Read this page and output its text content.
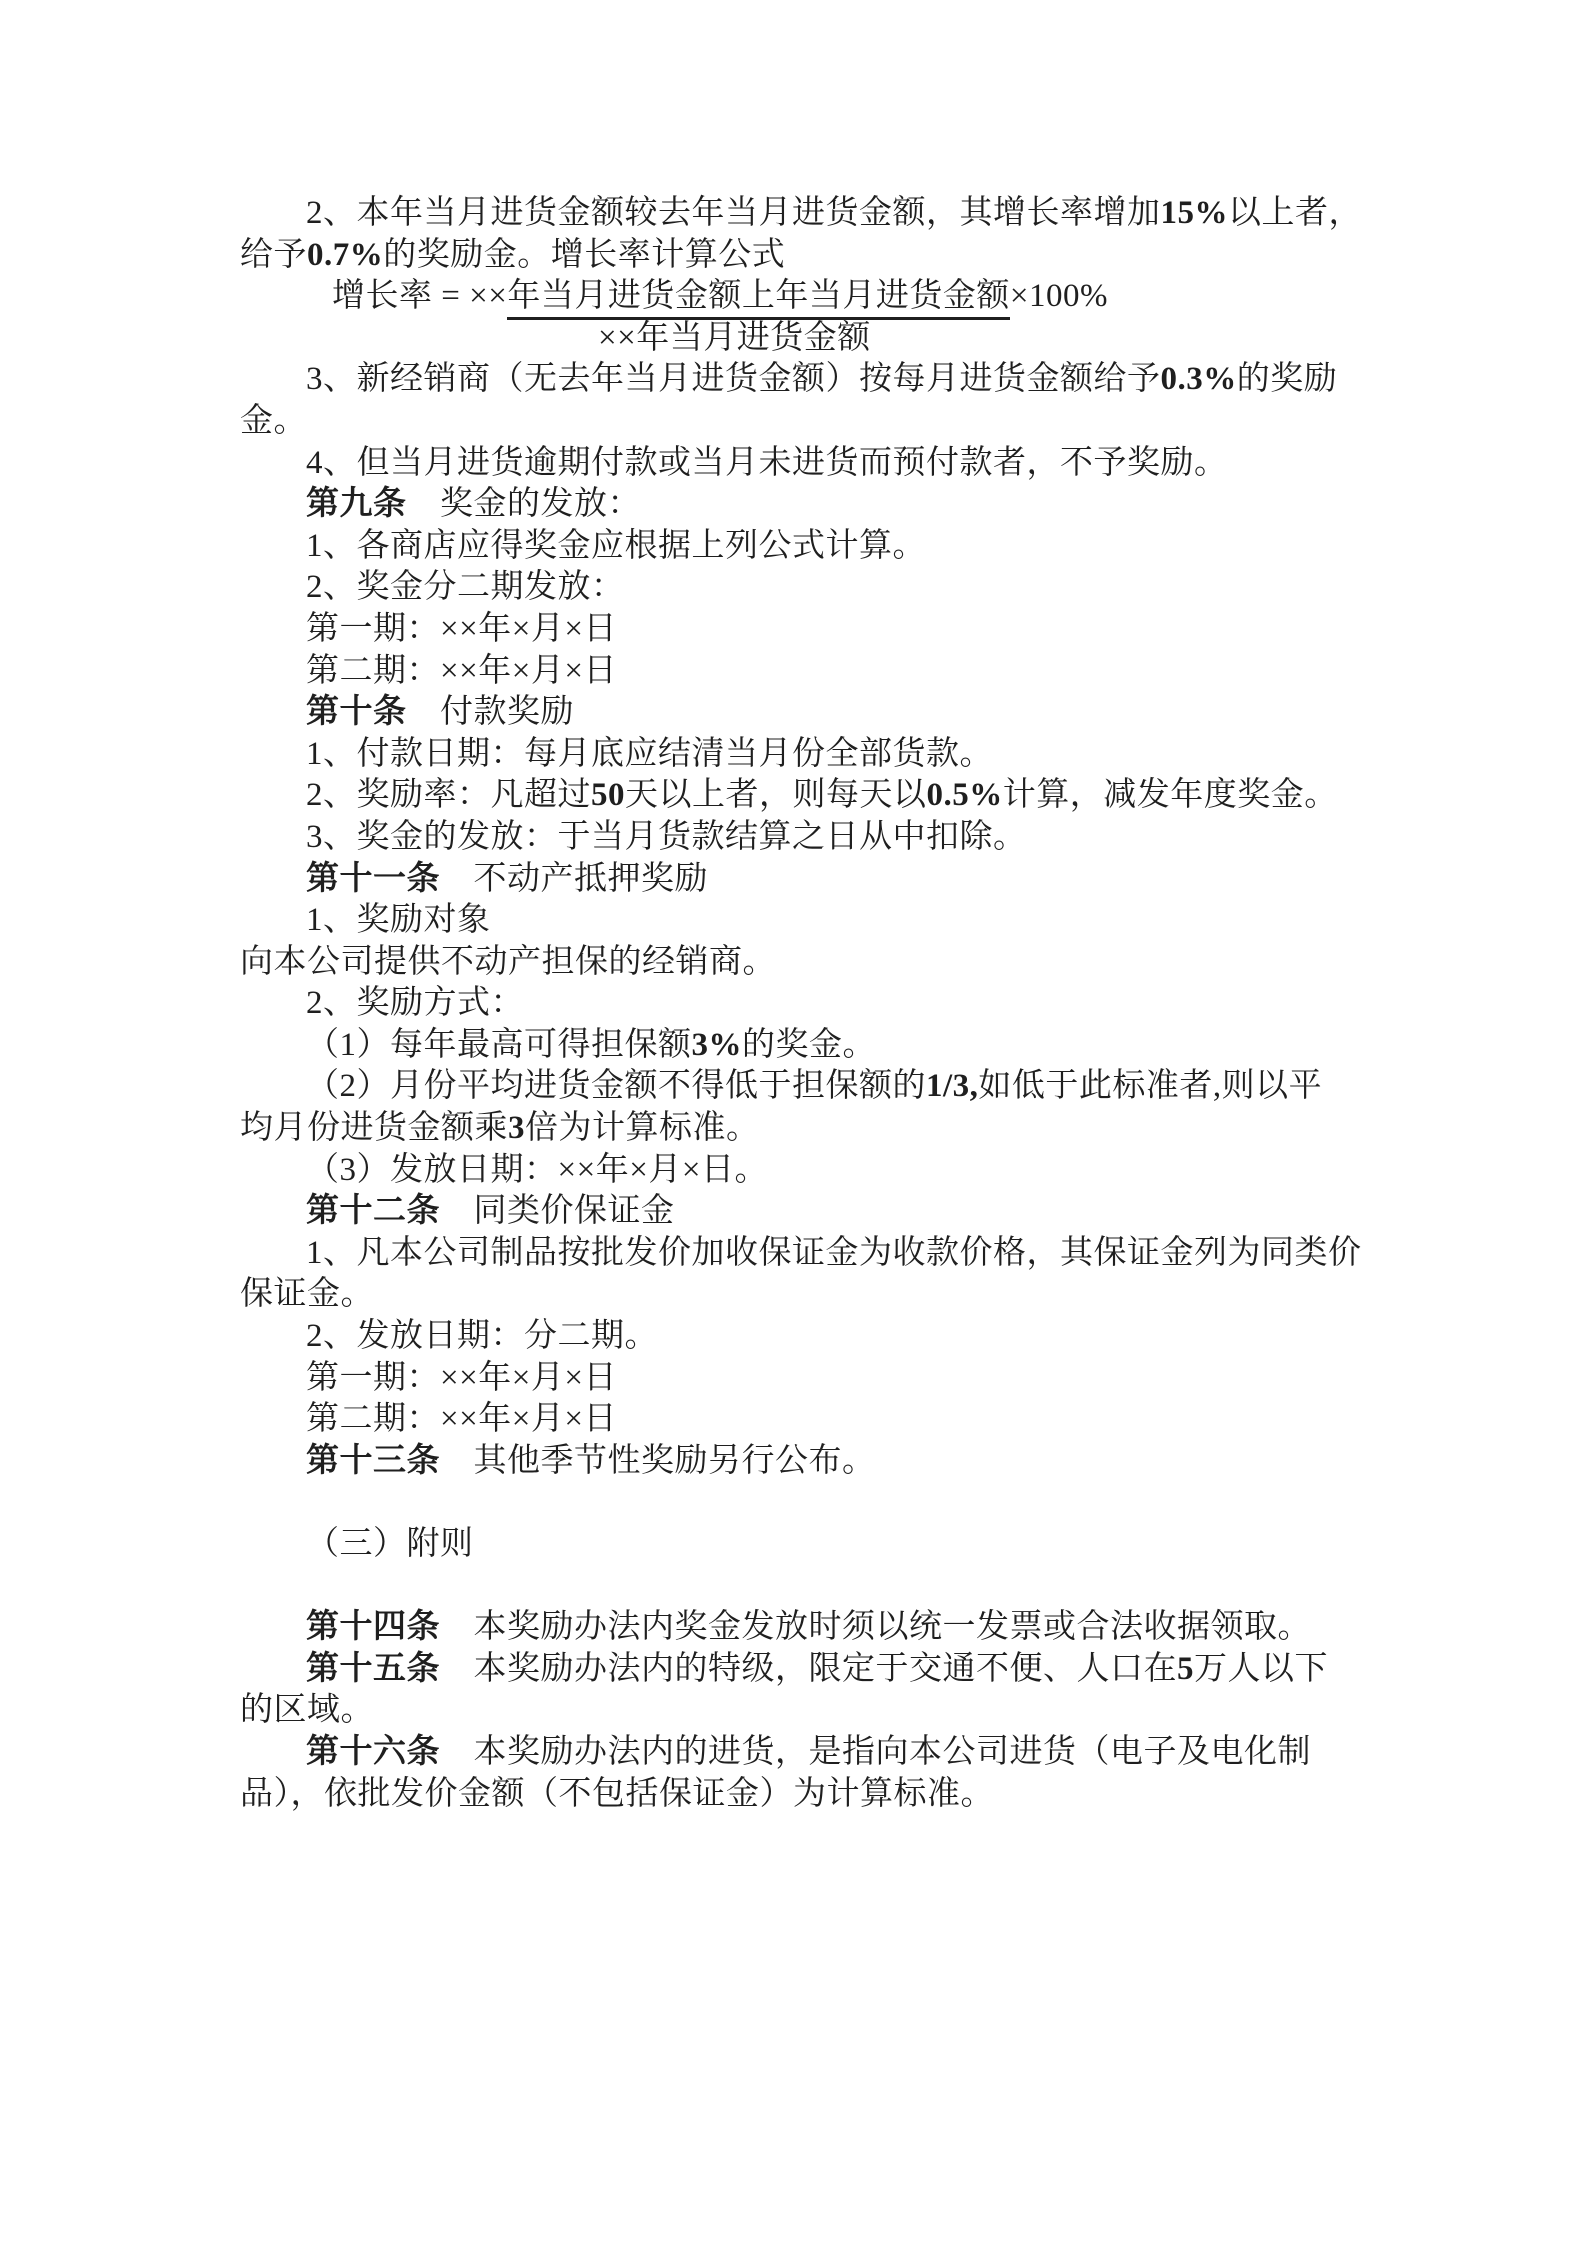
2、本年当月进货金额较去年当月进货金额，其增长率增加15%以上者，
给予0.7%的奖励金。增长率计算公式
增长率 = ××年当月进货金额上年当月进货金额×100%
××年当月进货金额
3、新经销商（无去年当月进货金额）按每月进货金额给予0.3%的奖励
金。
4、但当月进货逾期付款或当月未进货而预付款者，不予奖励。
第九条　奖金的发放：
1、各商店应得奖金应根据上列公式计算。
2、奖金分二期发放：
第一期：××年×月×日
第二期：××年×月×日
第十条　付款奖励
1、付款日期：每月底应结清当月份全部货款。
2、奖励率：凡超过50天以上者，则每天以0.5%计算，减发年度奖金。
3、奖金的发放：于当月货款结算之日从中扣除。
第十一条　不动产抵押奖励
1、奖励对象
向本公司提供不动产担保的经销商。
2、奖励方式：
（1）每年最高可得担保额3%的奖金。
（2）月份平均进货金额不得低于担保额的1/3,如低于此标准者,则以平
均月份进货金额乘3倍为计算标准。
（3）发放日期：××年×月×日。
第十二条　同类价保证金
1、凡本公司制品按批发价加收保证金为收款价格，其保证金列为同类价
保证金。
2、发放日期：分二期。
第一期：××年×月×日
第二期：××年×月×日
第十三条　其他季节性奖励另行公布。
（三）附则
第十四条　本奖励办法内奖金发放时须以统一发票或合法收据领取。
第十五条　本奖励办法内的特级，限定于交通不便、人口在5万人以下
的区域。
第十六条　本奖励办法内的进货，是指向本公司进货（电子及电化制
品），依批发价金额（不包括保证金）为计算标准。
